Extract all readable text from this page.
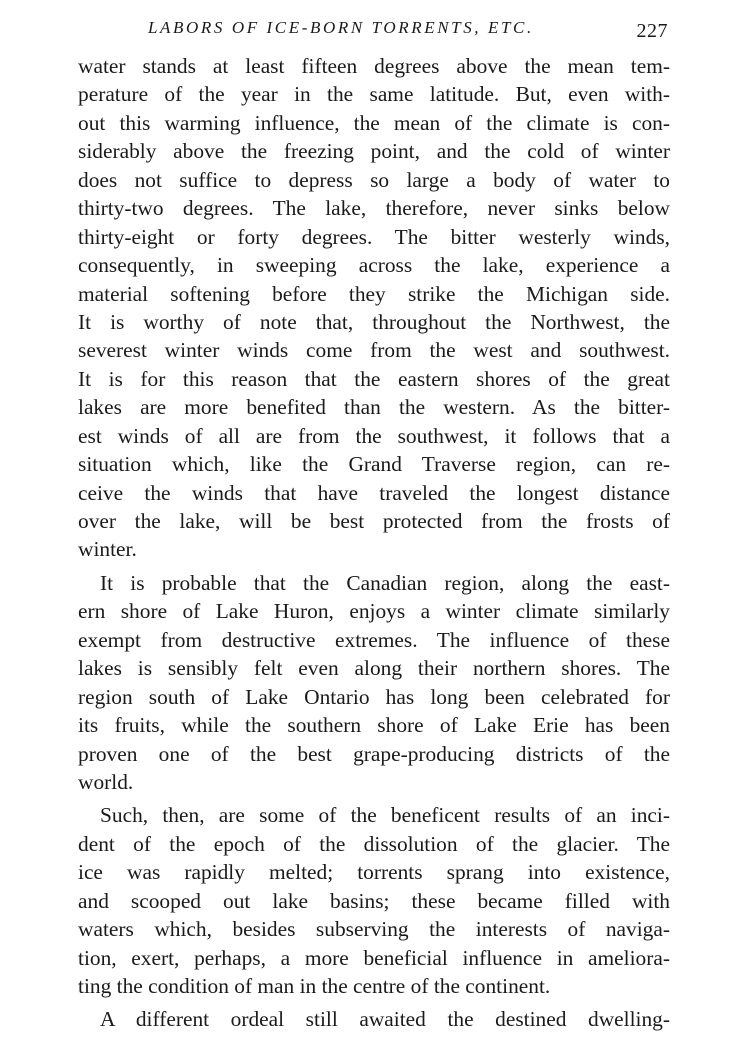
LABORS OF ICE-BORN TORRENTS, ETC.	227
water stands at least fifteen degrees above the mean tem-
perature of the year in the same latitude. But, even with-
out this warming influence, the mean of the climate is con-
siderably above the freezing point, and the cold of winter
does not suffice to depress so large a body of water to
thirty-two degrees. The lake, therefore, never sinks below
thirty-eight or forty degrees. The bitter westerly winds,
consequently, in sweeping across the lake, experience a
material softening before they strike the Michigan side.
It is worthy of note that, throughout the Northwest, the
severest winter winds come from the west and southwest.
It is for this reason that the eastern shores of the great
lakes are more benefited than the western. As the bitter-
est winds of all are from the southwest, it follows that a
situation which, like the Grand Traverse region, can re-
ceive the winds that have traveled the longest distance
over the lake, will be best protected from the frosts of
winter.
It is probable that the Canadian region, along the east-
ern shore of Lake Huron, enjoys a winter climate similarly
exempt from destructive extremes. The influence of these
lakes is sensibly felt even along their northern shores. The
region south of Lake Ontario has long been celebrated for
its fruits, while the southern shore of Lake Erie has been
proven one of the best grape-producing districts of the
world.
Such, then, are some of the beneficent results of an inci-
dent of the epoch of the dissolution of the glacier. The
ice was rapidly melted; torrents sprang into existence,
and scooped out lake basins; these became filled with
waters which, besides subserving the interests of naviga-
tion, exert, perhaps, a more beneficial influence in ameliora-
ting the condition of man in the centre of the continent.
A different ordeal still awaited the destined dwelling-
